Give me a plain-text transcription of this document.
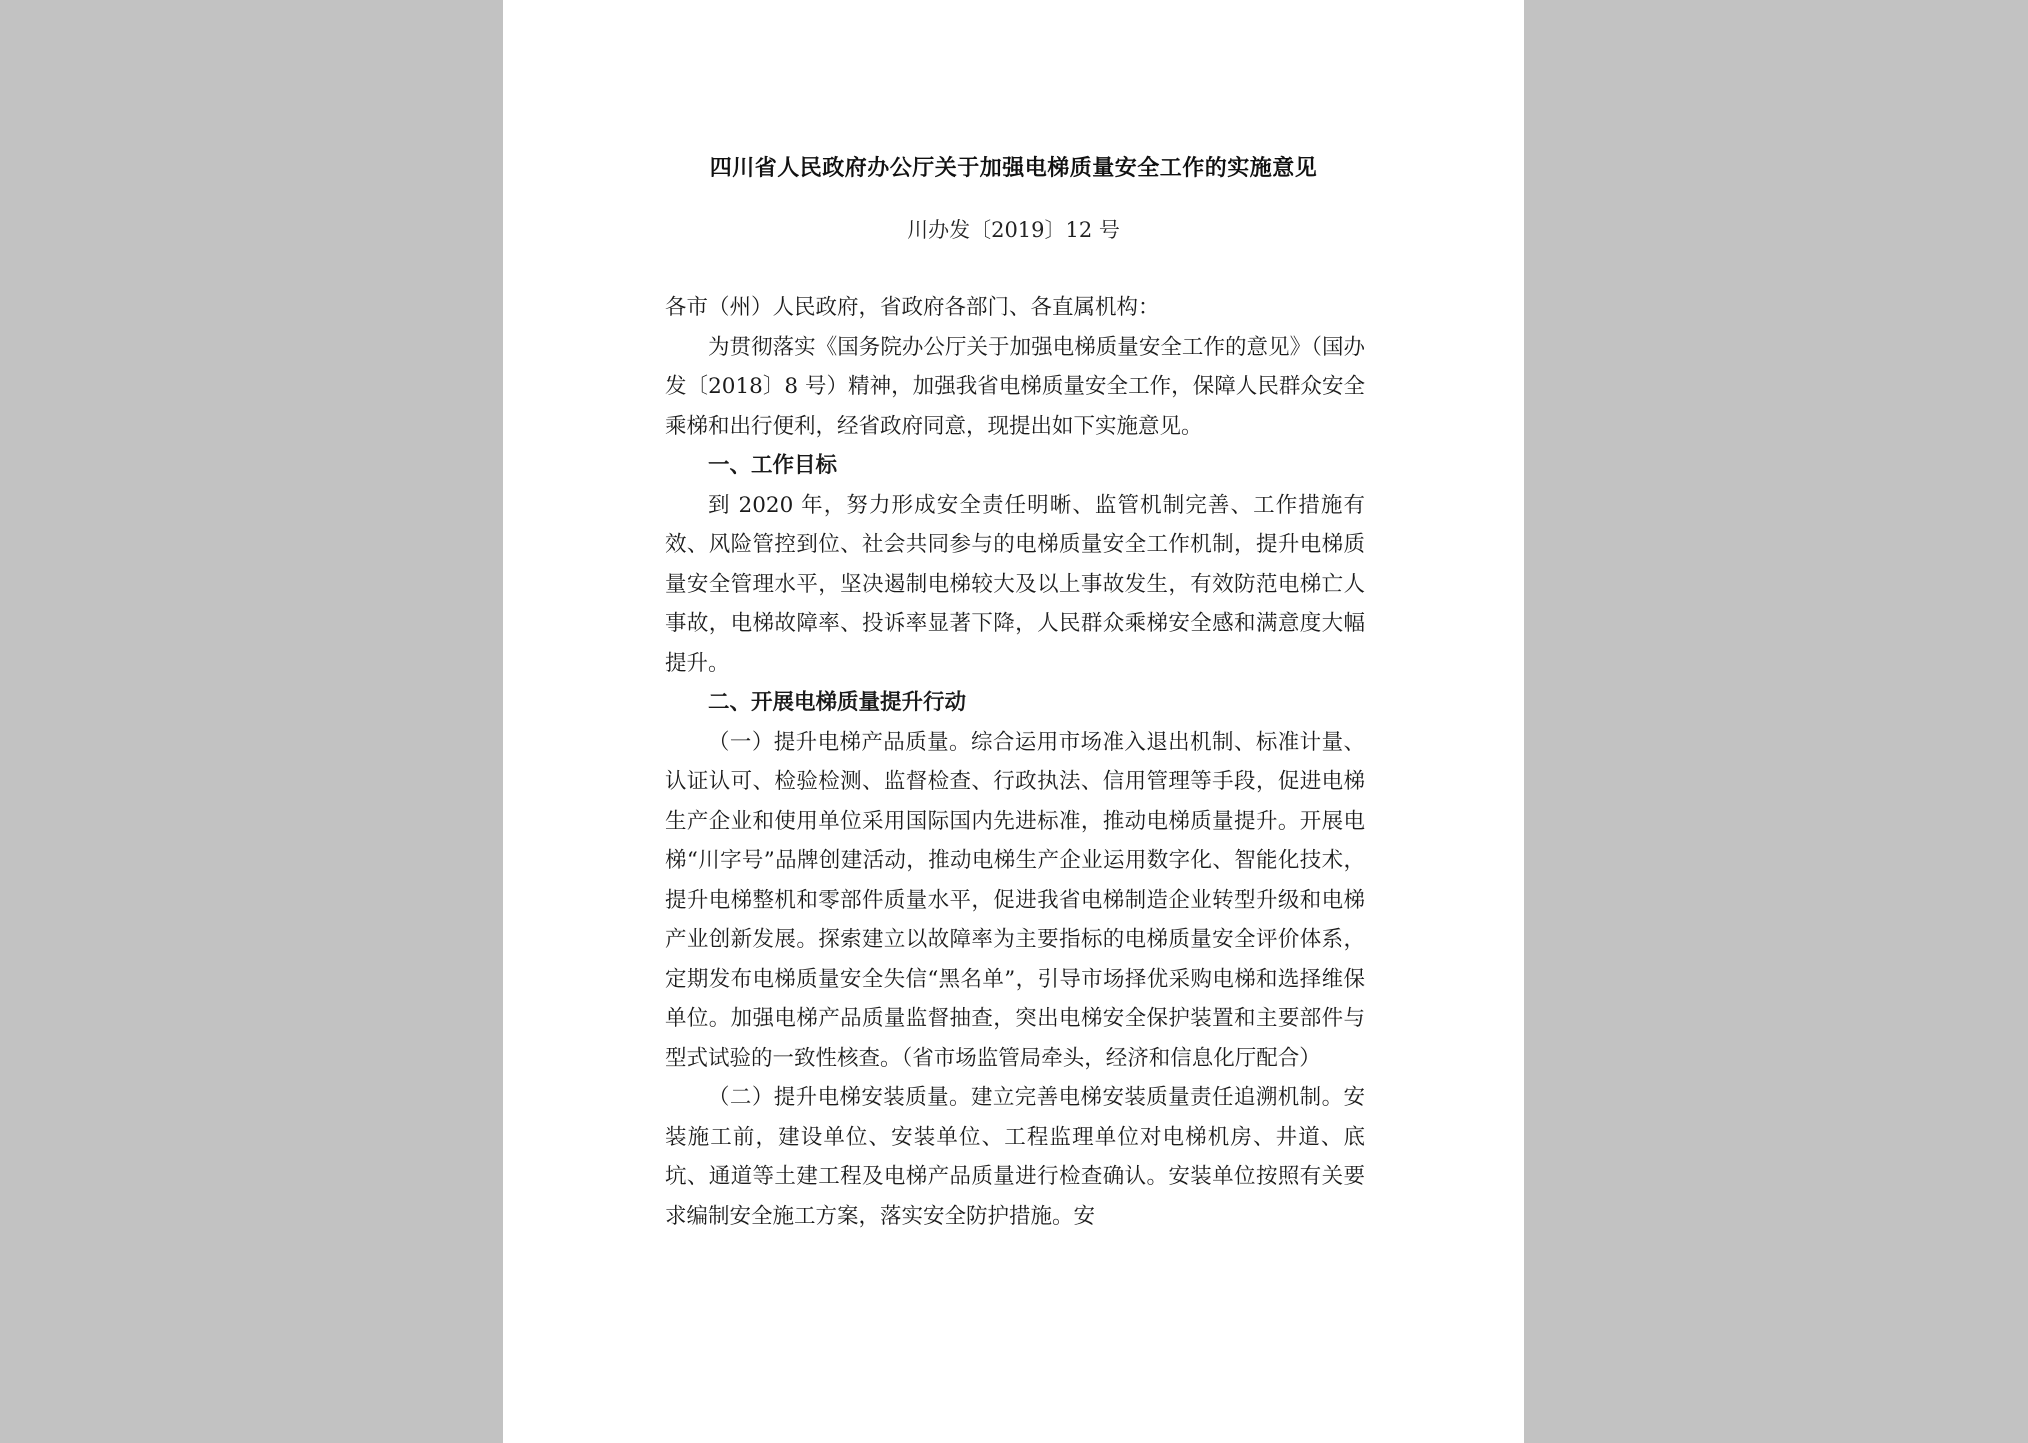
四川省人民政府办公厅关于加强电梯质量安全工作的实施意见
川办发〔2019〕12 号

各市（州）人民政府，省政府各部门、各直属机构：

为贯彻落实《国务院办公厅关于加强电梯质量安全工作的意见》（国办发〔2018〕8 号）精神，加强我省电梯质量安全工作，保障人民群众安全乘梯和出行便利，经省政府同意，现提出如下实施意见。

一、工作目标

到 2020 年，努力形成安全责任明晰、监管机制完善、工作措施有效、风险管控到位、社会共同参与的电梯质量安全工作机制，提升电梯质量安全管理水平，坚决遏制电梯较大及以上事故发生，有效防范电梯亡人事故，电梯故障率、投诉率显著下降，人民群众乘梯安全感和满意度大幅提升。

二、开展电梯质量提升行动

（一）提升电梯产品质量。综合运用市场准入退出机制、标准计量、认证认可、检验检测、监督检查、行政执法、信用管理等手段，促进电梯生产企业和使用单位采用国际国内先进标准，推动电梯质量提升。开展电梯“川字号”品牌创建活动，推动电梯生产企业运用数字化、智能化技术，提升电梯整机和零部件质量水平，促进我省电梯制造企业转型升级和电梯产业创新发展。探索建立以故障率为主要指标的电梯质量安全评价体系，定期发布电梯质量安全失信“黑名单”，引导市场择优采购电梯和选择维保单位。加强电梯产品质量监督抽查，突出电梯安全保护装置和主要部件与型式试验的一致性核查。（省市场监管局牵头，经济和信息化厅配合）

（二）提升电梯安装质量。建立完善电梯安装质量责任追溯机制。安装施工前，建设单位、安装单位、工程监理单位对电梯机房、井道、底坑、通道等土建工程及电梯产品质量进行检查确认。安装单位按照有关要求编制安全施工方案，落实安全防护措施。安
